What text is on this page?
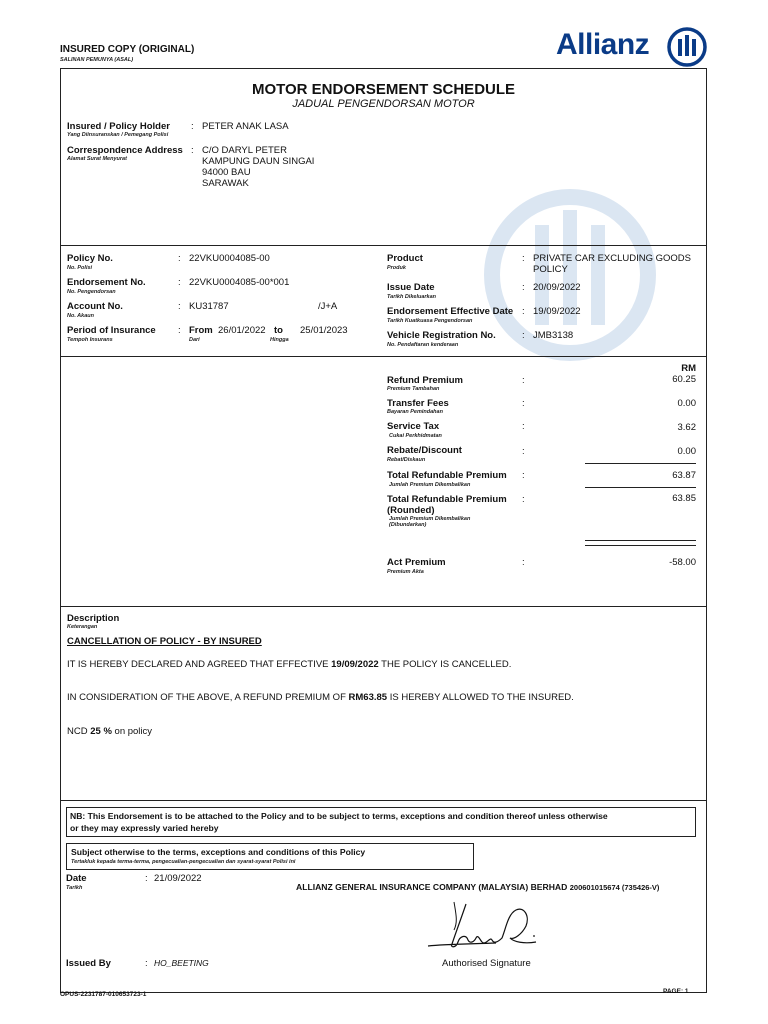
INSURED COPY (ORIGINAL)
SALINAN PEMUNYA (ASAL)	Allianz
MOTOR ENDORSEMENT SCHEDULE
JADUAL PENGENDORSAN MOTOR
Insured / Policy Holder
Yang Diinsuranskan / Pemegang Polisi
: PETER ANAK LASA
Correspondence Address
Alamat Surat Menyurat
: C/O DARYL PETER
KAMPUNG DAUN SINGAI
94000 BAU
SARAWAK
Policy No.
No. Polisi
: 22VKU0004085-00
Endorsement No.
No. Pengendorsan
: 22VKU0004085-00*001
Account No.
No. Akaun
: KU31787	/J+A
Period of Insurance
Tempoh Insurans
: From
Dari
26/01/2022 to
Hingga
25/01/2023
Product
Produk
: PRIVATE CAR EXCLUDING GOODS
POLICY
Issue Date
Tarikh Dikeluarkan
: 20/09/2022
Endorsement Effective Date
Tarikh Kuatkuasa Pengendorsan
: 19/09/2022
Vehicle Registration No.
No. Pendaftaran kenderaan
: JMB3138
RM
Refund Premium
Premium Tambahan
:	60.25
Transfer Fees
Bayaran Pemindahan
:	0.00
Service Tax
Cukai Perkhidmatan
:	3.62
Rebate/Discount
Rebat/Diskaun
:	0.00
Total Refundable Premium
Jumlah Premium Dikembalikan
:	63.87
Total Refundable Premium
(Rounded)
Jumlah Premium Dikembalikan
(Dibundarkan)
:	63.85
Act Premium
Premium Akta
:	-58.00
Description
Keterangan
CANCELLATION OF POLICY - BY INSURED
IT IS HEREBY DECLARED AND AGREED THAT EFFECTIVE 19/09/2022 THE POLICY IS CANCELLED.
IN CONSIDERATION OF THE ABOVE, A REFUND PREMIUM OF RM63.85 IS HEREBY ALLOWED TO THE INSURED.
NCD 25 % on policy
NB: This Endorsement is to be attached to the Policy and to be subject to terms, exceptions and condition thereof unless otherwise
or they may expressly varied hereby
Subject otherwise to the terms, exceptions and conditions of this Policy
Tertakluk kepada terma-terma, pengecualian-pengecualian dan syarat-syarat Polisi ini
Date
Tarikh
: 21/09/2022
ALLIANZ GENERAL INSURANCE COMPANY (MALAYSIA) BERHAD 200601015674 (735426-V)
Authorised Signature
Issued By	: HO_BEETING
OPUS-2231787-010653723-1	PAGE: 1
